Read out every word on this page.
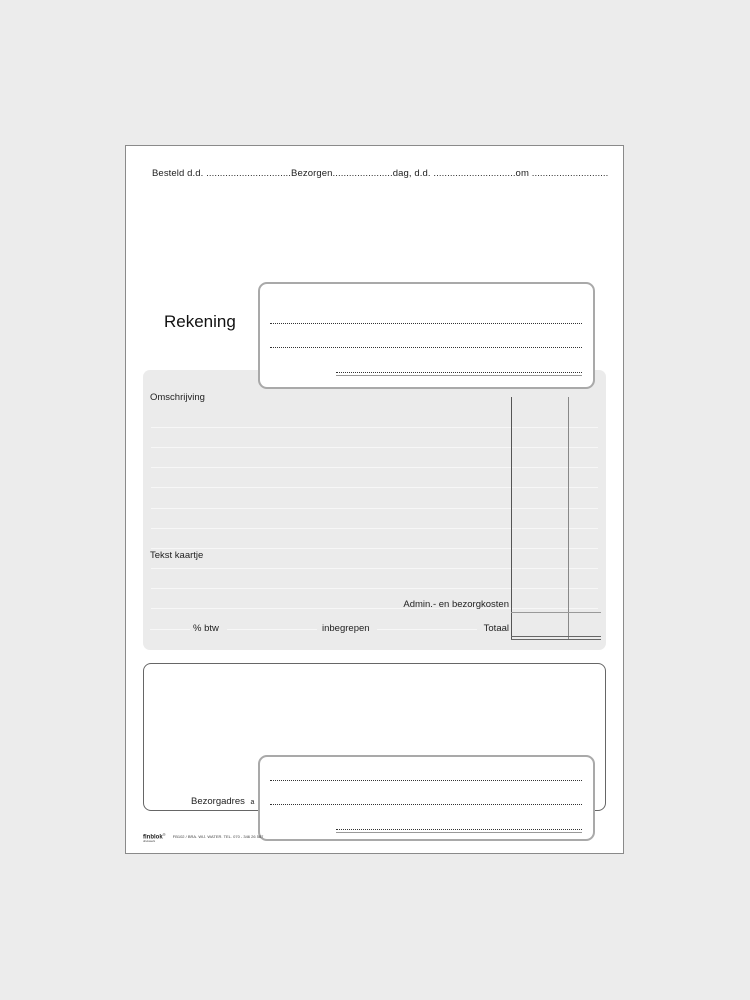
Besteld d.d. ...............................Bezorgen......................dag, d.d. ..............................om ............................
Rekening
Omschrijving
Tekst kaartje
Admin.- en bezorgkosten
% btw	inbegrepen	Totaal
Bezorgadres a
flnblok® FB102 / BRA. WIJ. WATER. TEL. 070 - 346 26 587
drukwerk
